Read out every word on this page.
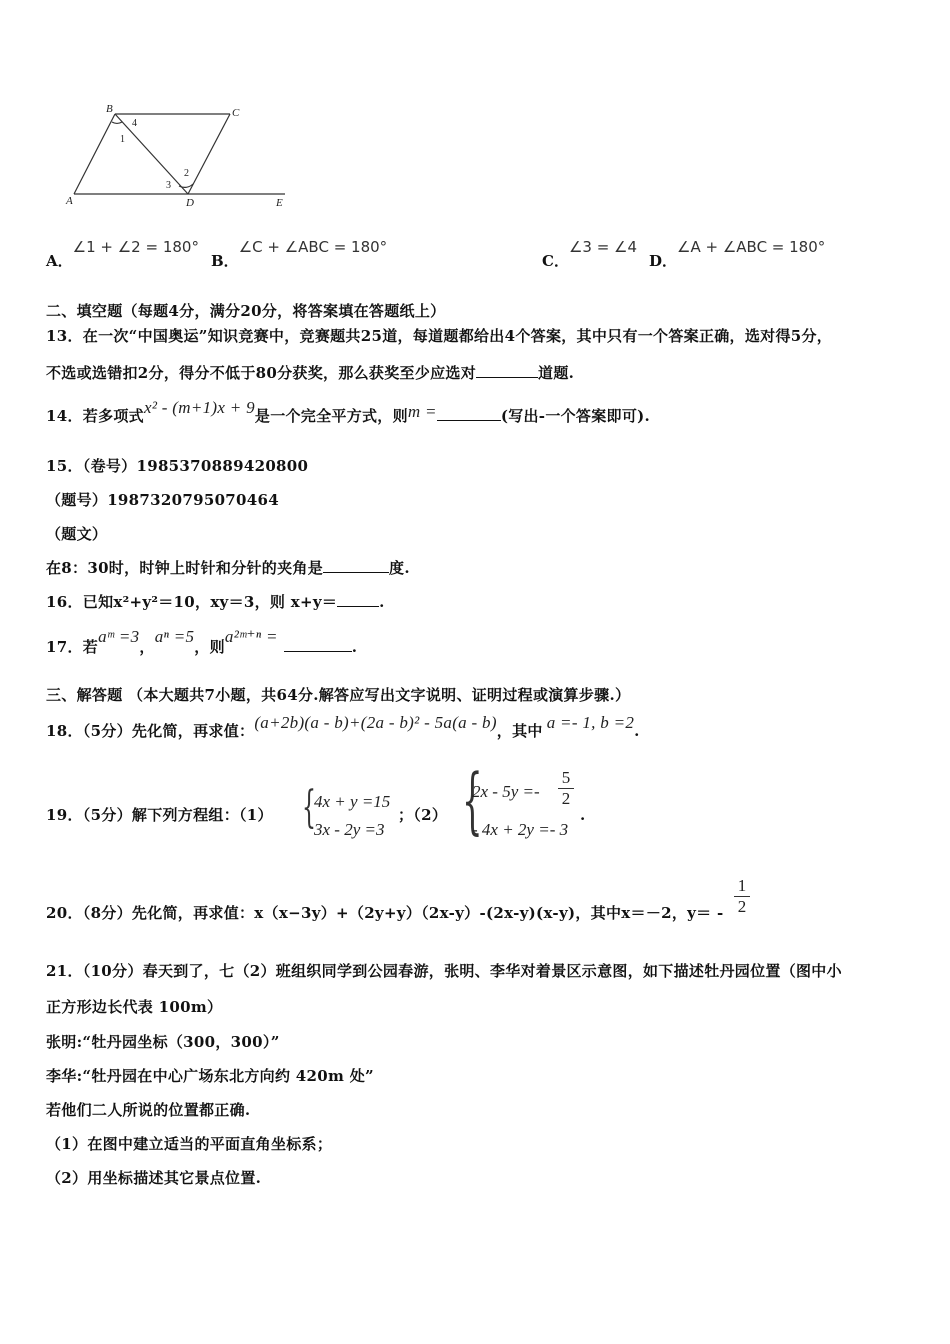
B	C
A	D	E
4
1
2
3
A．∠1 + ∠2 = 180°
B．∠C + ∠ABC = 180°
C．∠3 = ∠4
D．∠A + ∠ABC = 180°
二、填空题（每题4分，满分20分，将答案填在答题纸上）
13．在一次“中国奥运”知识竞赛中，竞赛题共25道，每道题都给出4个答案，其中只有一个答案正确，选对得5分，
不选或选错扣2分，得分不低于80分获奖，那么获奖至少应选对	道题.
14．若多项式x² - (m+1)x + 9是一个完全平方式，则m =	(写出-一个答案即可).
15．（卷号）1985370889420800
（题号）1987320795070464
（题文）
在8：30时，时钟上时针和分针的夹角是	度.
16．已知x²+y²＝10，xy＝3，则 x+y＝	.
17．若aᵐ =3，aⁿ =5，则a²ᵐ⁺ⁿ =.
三、解答题 （本大题共7小题，共64分.解答应写出文字说明、证明过程或演算步骤.）
18．（5分）先化简，再求值：(a+2b)(a - b)+(2a - b)² - 5a(a - b)，其中 a =- 1, b =2.
19．（5分）解下列方程组：（1） {
4x + y =15
3x - 2y =3
；（2） {
$2x - 5y =- \frac{5}{2}$
- 4x + 2y =- 3
.
20．（8分）先化简，再求值：x（x−3y）+（2y+y）（2x-y）-(2x-y)(x-y)，其中x＝－2，$y= - \frac{1}{2}$
21．（10分）春天到了，七（2）班组织同学到公园春游，张明、李华对着景区示意图，如下描述牡丹园位置（图中小
正方形边长代表 100m）
张明:“牡丹园坐标（300，300）”
李华:“牡丹园在中心广场东北方向约 420m 处”
若他们二人所说的位置都正确.
（1）在图中建立适当的平面直角坐标系；
（2）用坐标描述其它景点位置.
